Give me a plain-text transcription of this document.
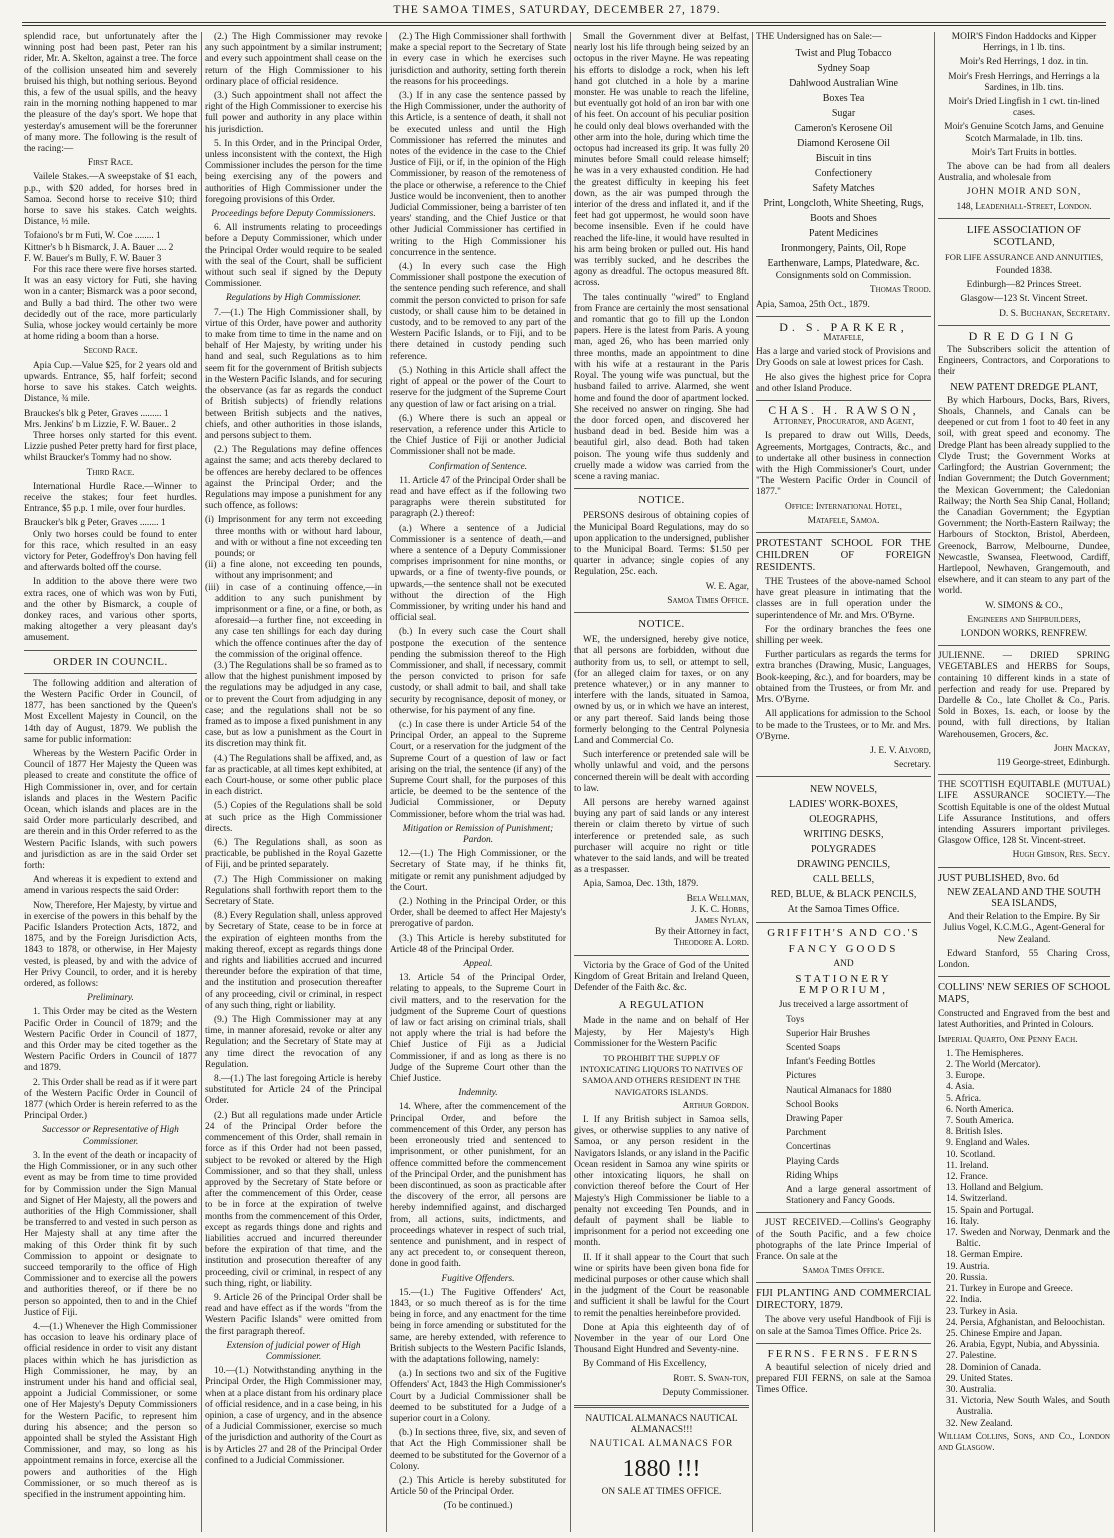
THE SAMOA TIMES, SATURDAY, DECEMBER 27, 1879.

splendid race, but unfortunately after the winning post had been past, Peter ran his rider, Mr. A. Skelton, against a tree. The force of the collision unseated him and severely bruised his thigh, but nothing serious. Beyond this, a few of the usual spills, and the heavy rain in the morning nothing happened to mar the pleasure of the day's sport. We hope that yesterday's amusement will be the forerunner of many more. The following is the result of the racing:—

First Race.

Vailele Stakes.—A sweepstake of $1 each, p.p., with $20 added, for horses bred in Samoa. Second horse to receive $10; third horse to save his stakes. Catch weights. Distance, ½ mile.

Tofaiono's br m Futi, W. Coe ........ 1

Kittner's b h Bismarck, J. A. Bauer .... 2

F. W. Bauer's m Bully, F. W. Bauer 3

For this race there were five horses started. It was an easy victory for Futi, she having won in a canter; Bismarck was a poor second, and Bully a bad third. The other two were decidedly out of the race, more particularly Sulia, whose jockey would certainly be more at home riding a boom than a horse.

Second Race.

Apia Cup.—Value $25, for 2 years old and upwards. Entrance, $5, half forfeit; second horse to save his stakes. Catch weights. Distance, ¾ mile.

Brauckes's blk g Peter, Graves ......... 1

Mrs. Jenkins' b m Lizzie, F. W. Bauer.. 2

Three horses only started for this event. Lizzie pushed Peter pretty hard for first place, whilst Braucker's Tommy had no show.

Third Race.

International Hurdle Race.—Winner to receive the stakes; four feet hurdles. Entrance, $5 p.p. 1 mile, over four hurdles.

Braucker's blk g Peter, Graves ........ 1

Only two horses could be found to enter for this race, which resulted in an easy victory for Peter, Godeffroy's Don having fell and afterwards bolted off the course.

In addition to the above there were two extra races, one of which was won by Futi, and the other by Bismarck, a couple of donkey races, and various other sports, making altogether a very pleasant day's amusement.

ORDER IN COUNCIL.

The following addition and alteration of the Western Pacific Order in Council, of 1877, has been sanctioned by the Queen's Most Excellent Majesty in Council, on the 14th day of August, 1879. We publish the same for public information:

Whereas by the Western Pacific Order in Council of 1877 Her Majesty the Queen was pleased to create and constitute the office of High Commissioner in, over, and for certain islands and places in the Western Pacific Ocean, which islands and places are in the said Order more particularly described, and are therein and in this Order referred to as the Western Pacific Islands, with such powers and jurisdiction as are in the said Order set forth:

And whereas it is expedient to extend and amend in various respects the said Order:

Now, Therefore, Her Majesty, by virtue and in exercise of the powers in this behalf by the Pacific Islanders Protection Acts, 1872, and 1875, and by the Foreign Jurisdiction Acts, 1843 to 1878, or otherwise, in Her Majesty vested, is pleased, by and with the advice of Her Privy Council, to order, and it is hereby ordered, as follows:

Preliminary.

1. This Order may be cited as the Western Pacific Order in Council of 1879; and the Western Pacific Order in Council of 1877, and this Order may be cited together as the Western Pacific Orders in Council of 1877 and 1879.

2. This Order shall be read as if it were part of the Western Pacific Order in Council of 1877 (which Order is herein referred to as the Principal Order.)

Successor or Representative of High Commissioner.

3. In the event of the death or incapacity of the High Commissioner, or in any such other event as may be from time to time provided for by Commission under the Sign Manual and Signet of Her Majesty, all the powers and authorities of the High Commissioner, shall be transferred to and vested in such person as Her Majesty shall at any time after the making of this Order think fit by such Commission to appoint or designate to succeed temporarily to the office of High Commissioner and to exercise all the powers and authorities thereof, or if there be no person so appointed, then to and in the Chief Justice of Fiji.

4.—(1.) Whenever the High Commissioner has occasion to leave his ordinary place of official residence in order to visit any distant places within which he has jurisdiction as High Commissioner, he may, by an instrument under his hand and official seal, appoint a Judicial Commissioner, or some one of Her Majesty's Deputy Commissioners for the Western Pacific, to represent him during his absence; and the person so appointed shall be styled the Assistant High Commissioner, and may, so long as his appointment remains in force, exercise all the powers and authorities of the High Commissioner, or so much thereof as is specified in the instrument appointing him.

(2.) The High Commissioner may revoke any such appointment by a similar instrument; and every such appointment shall cease on the return of the High Commissioner to his ordinary place of official residence.

(3.) Such appointment shall not affect the right of the High Commissioner to exercise his full power and authority in any place within his jurisdiction.

5. In this Order, and in the Principal Order, unless inconsistent with the context, the High Commissioner includes the person for the time being exercising any of the powers and authorities of High Commissioner under the foregoing provisions of this Order.

Proceedings before Deputy Commissioners.

6. All instruments relating to proceedings before a Deputy Commissioner, which under the Principal Order would require to be sealed with the seal of the Court, shall be sufficient without such seal if signed by the Deputy Commissioner.

Regulations by High Commissioner.

7.—(1.) The High Commissioner shall, by virtue of this Order, have power and authority to make from time to time in the name and on behalf of Her Majesty, by writing under his hand and seal, such Regulations as to him seem fit for the government of British subjects in the Western Pacific Islands, and for securing the observance (as far as regards the conduct of British subjects) of friendly relations between British subjects and the natives, chiefs, and other authorities in those islands, and persons subject to them.

(2.) The Regulations may define offences against the same; and acts thereby declared to be offences are hereby declared to be offences against the Principal Order; and the Regulations may impose a punishment for any such offence, as follows:

(i) Imprisonment for any term not exceeding three months with or without hard labour, and with or without a fine not exceeding ten pounds; or

(ii) a fine alone, not exceeding ten pounds, without any imprisonment; and

(iii) in case of a continuing offence,—in addition to any such punishment by imprisonment or a fine, or a fine, or both, as aforesaid—a further fine, not exceeding in any case ten shillings for each day during which the offence continues after the day of the commission of the original offence.

(3.) The Regulations shall be so framed as to allow that the highest punishment imposed by the regulations may be adjudged in any case, or to prevent the Court from adjudging in any case; and the regulations shall not be so framed as to impose a fixed punishment in any case, but as low a punishment as the Court in its discretion may think fit.

(4.) The Regulations shall be affixed, and, as far as practicable, at all times kept exhibited, at each Court-house, or some other public place in each district.

(5.) Copies of the Regulations shall be sold at such price as the High Commissioner directs.

(6.) The Regulations shall, as soon as practicable, be published in the Royal Gazette of Fiji, and be printed separately.

(7.) The High Commissioner on making Regulations shall forthwith report them to the Secretary of State.

(8.) Every Regulation shall, unless approved by Secretary of State, cease to be in force at the expiration of eighteen months from the making thereof, except as regards things done and rights and liabilities accrued and incurred thereunder before the expiration of that time, and the institution and prosecution thereafter of any proceeding, civil or criminal, in respect of any such thing, right or liability.

(9.) The High Commissioner may at any time, in manner aforesaid, revoke or alter any Regulation; and the Secretary of State may at any time direct the revocation of any Regulation.

8.—(1.) The last foregoing Article is hereby substituted for Article 24 of the Principal Order.

(2.) But all regulations made under Article 24 of the Principal Order before the commencement of this Order, shall remain in force as if this Order had not been passed, subject to be revoked or altered by the High Commissioner, and so that they shall, unless approved by the Secretary of State before or after the commencement of this Order, cease to be in force at the expiration of twelve months from the commencement of this Order, except as regards things done and rights and liabilities accrued and incurred thereunder before the expiration of that time, and the institution and prosecution thereafter of any proceeding, civil or criminal, in respect of any such thing, right, or liability.

9. Article 26 of the Principal Order shall be read and have effect as if the words "from the Western Pacific Islands" were omitted from the first paragraph thereof.

Extension of judicial power of High Commissioner.

10.—(1.) Notwithstanding anything in the Principal Order, the High Commissioner may, when at a place distant from his ordinary place of official residence, and in a case being, in his opinion, a case of urgency, and in the absence of a Judicial Commissioner, exercise so much of the jurisdiction and authority of the Court as is by Articles 27 and 28 of the Principal Order confined to a Judicial Commissioner.

(2.) The High Commissioner shall forthwith make a special report to the Secretary of State in every case in which he exercises such jurisdiction and authority, setting forth therein the reasons for his proceedings.

(3.) If in any case the sentence passed by the High Commissioner, under the authority of this Article, is a sentence of death, it shall not be executed unless and until the High Commissioner has referred the minutes and notes of the evidence in the case to the Chief Justice of Fiji, or if, in the opinion of the High Commissioner, by reason of the remoteness of the place or otherwise, a reference to the Chief Justice would be inconvenient, then to another Judicial Commissioner, being a barrister of ten years' standing, and the Chief Justice or that other Judicial Commissioner has certified in writing to the High Commissioner his concurrence in the sentence.

(4.) In every such case the High Commissioner shall postpone the execution of the sentence pending such reference, and shall commit the person convicted to prison for safe custody, or shall cause him to be detained in custody, and to be removed to any part of the Western Pacific Islands, or to Fiji, and to be there detained in custody pending such reference.

(5.) Nothing in this Article shall affect the right of appeal or the power of the Court to reserve for the judgment of the Supreme Court any question of law or fact arising on a trial.

(6.) Where there is such an appeal or reservation, a reference under this Article to the Chief Justice of Fiji or another Judicial Commissioner shall not be made.

Confirmation of Sentence.

11. Article 47 of the Principal Order shall be read and have effect as if the following two paragraphs were therein substituted for paragraph (2.) thereof:

(a.) Where a sentence of a Judicial Commissioner is a sentence of death,—and where a sentence of a Deputy Commissioner comprises imprisonment for nine months, or upwards, or a fine of twenty-five pounds, or upwards,—the sentence shall not be executed without the direction of the High Commissioner, by writing under his hand and official seal.

(b.) In every such case the Court shall postpone the execution of the sentence pending the submission thereof to the High Commissioner, and shall, if necessary, commit the person convicted to prison for safe custody, or shall admit to bail, and shall take security by recognisance, deposit of money, or otherwise, for his payment of any fine.

(c.) In case there is under Article 54 of the Principal Order, an appeal to the Supreme Court, or a reservation for the judgment of the Supreme Court of a question of law or fact arising on the trial, the sentence (if any) of the Supreme Court shall, for the purposes of this article, be deemed to be the sentence of the Judicial Commissioner, or Deputy Commissioner, before whom the trial was had.

Mitigation or Remission of Punishment; Pardon.

12.—(1.) The High Commissioner, or the Secretary of State may, if he thinks fit, mitigate or remit any punishment adjudged by the Court.

(2.) Nothing in the Principal Order, or this Order, shall be deemed to affect Her Majesty's prerogative of pardon.

(3.) This Article is hereby substituted for Article 48 of the Principal Order.

Appeal.

13. Article 54 of the Principal Order, relating to appeals, to the Supreme Court in civil matters, and to the reservation for the judgment of the Supreme Court of questions of law or fact arising on criminal trials, shall not apply where the trial is had before the Chief Justice of Fiji as a Judicial Commissioner, if and as long as there is no Judge of the Supreme Court other than the Chief Justice.

Indemnity.

14. Where, after the commencement of the Principal Order, and before the commencement of this Order, any person has been erroneously tried and sentenced to imprisonment, or other punishment, for an offence committed before the commencement of the Principal Order, and the punishment has been discontinued, as soon as practicable after the discovery of the error, all persons are hereby indemnified against, and discharged from, all actions, suits, indictments, and proceedings whatever in respect of such trial, sentence and punishment, and in respect of any act precedent to, or consequent thereon, done in good faith.

Fugitive Offenders.

15.—(1.) The Fugitive Offenders' Act, 1843, or so much thereof as is for the time being in force, and any enactment for the time being in force amending or substituted for the same, are hereby extended, with reference to British subjects to the Western Pacific Islands, with the adaptations following, namely:

(a.) In sections two and six of the Fugitive Offenders' Act, 1843 the High Commissioner's Court by a Judicial Commissioner shall be deemed to be substituted for a Judge of a superior court in a Colony.

(b.) In sections three, five, six, and seven of that Act the High Commissioner shall be deemed to be substituted for the Governor of a Colony.

(2.) This Article is hereby substituted for Article 50 of the Principal Order.

(To be continued.)

Small the Government diver at Belfast, nearly lost his life through being seized by an octopus in the river Mayne. He was repeating his efforts to dislodge a rock, when his left hand got clutched in a hole by a marine monster. He was unable to reach the lifeline, but eventually got hold of an iron bar with one of his feet. On account of his peculiar position he could only deal blows overhanded with the other arm into the hole, during which time the octopus had increased its grip. It was fully 20 minutes before Small could release himself; he was in a very exhausted condition. He had the greatest difficulty in keeping his feet down, as the air was pumped through the interior of the dress and inflated it, and if the feet had got uppermost, he would soon have become insensible. Even if he could have reached the life-line, it would have resulted in his arm being broken or pulled out. His hand was terribly sucked, and he describes the agony as dreadful. The octopus measured 8ft. across.

The tales continually "wired" to England from France are certainly the most sensational and romantic that go to fill up the London papers. Here is the latest from Paris. A young man, aged 26, who has been married only three months, made an appointment to dine with his wife at a restaurant in the Paris Royal. The young wife was punctual, but the husband failed to arrive. Alarmed, she went home and found the door of apartment locked. She received no answer on ringing. She had the door forced open, and discovered her husband dead in bed. Beside him was a beautiful girl, also dead. Both had taken poison. The young wife thus suddenly and cruelly made a widow was carried from the scene a raving maniac.

NOTICE.

PERSONS desirous of obtaining copies of the Municipal Board Regulations, may do so upon application to the undersigned, publisher to the Municipal Board. Terms: $1.50 per quarter in advance; single copies of any Regulation, 25c. each.

W. E. Agar,

Samoa Times Office.

NOTICE.

WE, the undersigned, hereby give notice, that all persons are forbidden, without due authority from us, to sell, or attempt to sell, (for an alleged claim for taxes, or on any pretence whatever,) or in any manner to interfere with the lands, situated in Samoa, owned by us, or in which we have an interest, or any part thereof. Said lands being those formerly belonging to the Central Polynesia Land and Commercial Co.

Such interference or pretended sale will be wholly unlawful and void, and the persons concerned therein will be dealt with according to law.

All persons are hereby warned against buying any part of said lands or any interest therein or claim thereto by virtue of such interference or pretended sale, as such purchaser will acquire no right or title whatever to the said lands, and will be treated as a trespasser.

Apia, Samoa, Dec. 13th, 1879.

Bela Wellman,

J. K. C. Hobbs,

James Nylan,

By their Attorney in fact,

Theodore A. Lord.

Victoria by the Grace of God of the United Kingdom of Great Britain and Ireland Queen, Defender of the Faith &c. &c.

A REGULATION

Made in the name and on behalf of Her Majesty, by Her Majesty's High Commissioner for the Western Pacific

TO PROHIBIT THE SUPPLY OF INTOXICATING LIQUORS TO NATIVES OF SAMOA AND OTHERS RESIDENT IN THE NAVIGATORS ISLANDS.

Arthur Gordon.

I. If any British subject in Samoa sells, gives, or otherwise supplies to any native of Samoa, or any person resident in the Navigators Islands, or any island in the Pacific Ocean resident in Samoa any wine spirits or other intoxicating liquors, he shall on conviction thereof before the Court of Her Majesty's High Commissioner be liable to a penalty not exceeding Ten Pounds, and in default of payment shall be liable to imprisonment for a period not exceeding one month.

II. If it shall appear to the Court that such wine or spirits have been given bona fide for medicinal purposes or other cause which shall in the judgment of the Court be reasonable and sufficient it shall be lawful for the Court to remit the penalties hereinbefore provided.

Done at Apia this eighteenth day of of November in the year of our Lord One Thousand Eight Hundred and Seventy-nine.

By Command of His Excellency,

Robt. S. Swan-ton,

Deputy Commissioner.

NAUTICAL ALMANACS NAUTICAL ALMANACS!!!

NAUTICAL ALMANACS FOR

1880 !!!

ON SALE AT TIMES OFFICE.

THE Undersigned has on Sale:—

Twist and Plug Tobacco

Sydney Soap

Dahlwood Australian Wine

Boxes Tea

Sugar

Cameron's Kerosene Oil

Diamond Kerosene Oil

Biscuit in tins

Confectionery

Safety Matches

Print, Longcloth, White Sheeting, Rugs, Boots and Shoes

Patent Medicines

Ironmongery, Paints, Oil, Rope

Earthenware, Lamps, Platedware, &c.

Consignments sold on Commission.

Thomas Trood.

Apia, Samoa, 25th Oct., 1879.

D. S. PARKER,

Matafele,

Has a large and varied stock of Provisions and Dry Goods on sale at lowest prices for Cash.

He also gives the highest price for Copra and other Island Produce.

CHAS. H. RAWSON,

Attorney, Procurator, and Agent,

Is prepared to draw out Wills, Deeds, Agreements, Mortgages, Contracts, &c., and to undertake all other business in connection with the High Commissioner's Court, under "The Western Pacific Order in Council of 1877."

Office: International Hotel,

Matafele, Samoa.

PROTESTANT SCHOOL FOR THE CHILDREN OF FOREIGN RESIDENTS.

THE Trustees of the above-named School have great pleasure in intimating that the classes are in full operation under the superintendence of Mr. and Mrs. O'Byrne.

For the ordinary branches the fees one shilling per week.

Further particulars as regards the terms for extra branches (Drawing, Music, Languages, Book-keeping, &c.), and for boarders, may be obtained from the Trustees, or from Mr. and Mrs. O'Byrne.

All applications for admission to the School to be made to the Trustees, or to Mr. and Mrs. O'Byrne.

J. E. V. Alvord,

Secretary.

NEW NOVELS,

LADIES' WORK-BOXES,

OLEOGRAPHS,

WRITING DESKS,

POLYGRADES

DRAWING PENCILS,

CALL BELLS,

RED, BLUE, & BLACK PENCILS,

At the Samoa Times Office.

GRIFFITH'S AND CO.'S

FANCY GOODS

AND

STATIONERY EMPORIUM,

Jus treceived a large assortment of

Toys

Superior Hair Brushes

Scented Soaps

Infant's Feeding Bottles

Pictures

Nautical Almanacs for 1880

School Books

Drawing Paper

Parchment

Concertinas

Playing Cards

Riding Whips

And a large general assortment of Stationery and Fancy Goods.

JUST RECEIVED.—Collins's Geography of the South Pacific, and a few choice photographs of the late Prince Imperial of France. On sale at the

Samoa Times Office.

FIJI PLANTING AND COMMERCIAL DIRECTORY, 1879.

The above very useful Handbook of Fiji is on sale at the Samoa Times Office. Price 2s.

FERNS. FERNS. FERNS

A beautiful selection of nicely dried and prepared FIJI FERNS, on sale at the Samoa Times Office.

MOIR'S Findon Haddocks and Kipper Herrings, in 1 lb. tins.

Moir's Red Herrings, 1 doz. in tin.

Moir's Fresh Herrings, and Herrings a la Sardines, in 1lb. tins.

Moir's Dried Lingfish in 1 cwt. tin-lined cases.

Moir's Genuine Scotch Jams, and Genuine Scotch Marmalade, in 1lb. tins.

Moir's Tart Fruits in bottles.

The above can be had from all dealers Australia, and wholesale from

JOHN MOIR AND SON,

148, Leadenhall-Street, London.

LIFE ASSOCIATION OF SCOTLAND,

FOR LIFE ASSURANCE AND ANNUITIES,

Founded 1838.

Edinburgh—82 Princes Street.

Glasgow—123 St. Vincent Street.

D. S. Buchanan, Secretary.

DREDGING

The Subscribers solicit the attention of Engineers, Contractors, and Corporations to their

NEW PATENT DREDGE PLANT,

By which Harbours, Docks, Bars, Rivers, Shoals, Channels, and Canals can be deepened or cut from 1 foot to 40 feet in any soil, with great speed and economy. The Dredge Plant has been already supplied to the Clyde Trust; the Government Works at Carlingford; the Austrian Government; the Indian Government; the Dutch Government; the Mexican Government; the Caledonian Railway; the North Sea Ship Canal, Holland; the Canadian Government; the Egyptian Government; the North-Eastern Railway; the Harbours of Stockton, Bristol, Aberdeen, Greenock, Barrow, Melbourne, Dundee, Newcastle, Swansea, Fleetwood, Cardiff, Hartlepool, Newhaven, Grangemouth, and elsewhere, and it can steam to any part of the world.

W. SIMONS & CO.,

Engineers and Shipbuilders,

LONDON WORKS, RENFREW.

JULIENNE. — DRIED SPRING VEGETABLES and HERBS for Soups, containing 10 different kinds in a state of perfection and ready for use. Prepared by Dardelle & Co., late Chollet & Co., Paris. Sold in Boxes, 1s. each, or loose by the pound, with full directions, by Italian Warehousemen, Grocers, &c.

John Mackay,

119 George-street, Edinburgh.

THE SCOTTISH EQUITABLE (MUTUAL) LIFE ASSURANCE SOCIETY.—The Scottish Equitable is one of the oldest Mutual Life Assurance Institutions, and offers intending Assurers important privileges. Glasgow Office, 128 St. Vincent-street.

Hugh Gibson, Res. Secy.

JUST PUBLISHED, 8vo. 6d

NEW ZEALAND AND THE SOUTH SEA ISLANDS,

And their Relation to the Empire. By Sir Julius Vogel, K.C.M.G., Agent-General for New Zealand.

Edward Stanford, 55 Charing Cross, London.

COLLINS' NEW SERIES OF SCHOOL MAPS,

Constructed and Engraved from the best and latest Authorities, and Printed in Colours.

Imperial Quarto, One Penny Each.

1. The Hemispheres.

2. The World (Mercator).

3. Europe.

4. Asia.

5. Africa.

6. North America.

7. South America.

8. British Isles.

9. England and Wales.

10. Scotland.

11. Ireland.

12. France.

13. Holland and Belgium.

14. Switzerland.

15. Spain and Portugal.

16. Italy.

17. Sweden and Norway, Denmark and the Baltic.

18. German Empire.

19. Austria.

20. Russia.

21. Turkey in Europe and Greece.

22. India.

23. Turkey in Asia.

24. Persia, Afghanistan, and Beloochistan.

25. Chinese Empire and Japan.

26. Arabia, Egypt, Nubia, and Abyssinia.

27. Palestine.

28. Dominion of Canada.

29. United States.

30. Australia.

31. Victoria, New South Wales, and South Australia.

32. New Zealand.

William Collins, Sons, and Co., London and Glasgow.
